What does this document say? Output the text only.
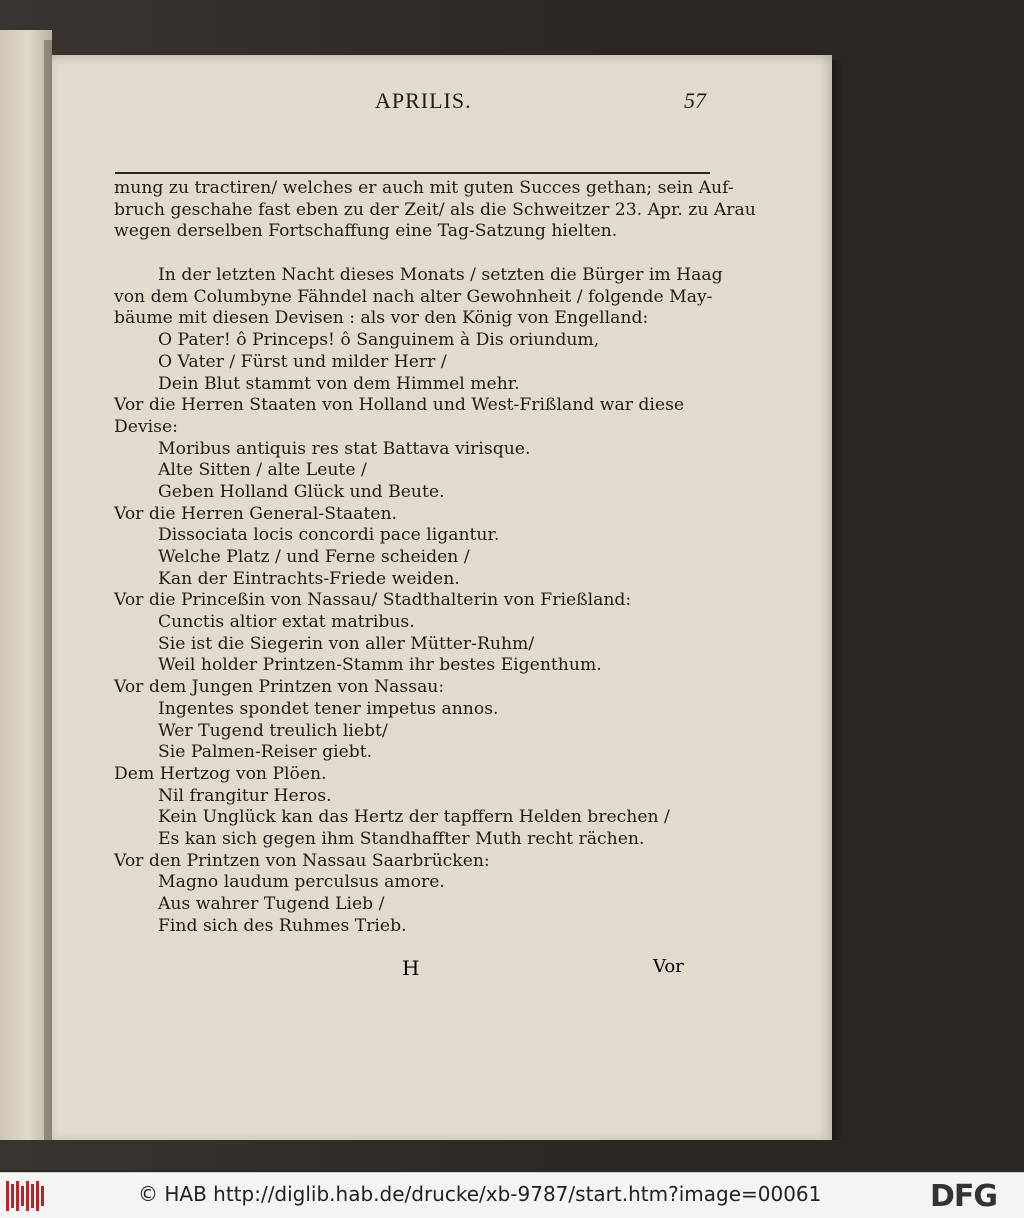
APRILIS.	57
mung zu tractiren/ welches er auch mit guten Succes gethan; sein Auf-
bruch geschahe fast eben zu der Zeit/ als die Schweitzer 23. Apr. zu Arau
wegen derselben Fortschaffung eine Tag-Satzung hielten.
In der letzten Nacht dieses Monats / setzten die Bürger im Haag
von dem Columbyne Fähndel nach alter Gewohnheit / folgende May-
bäume mit diesen Devisen : als vor den König von Engelland:
O Pater! ô Princeps! ô Sanguinem à Dis oriundum,
O Vater / Fürst und milder Herr /
Dein Blut stammt von dem Himmel mehr.
Vor die Herren Staaten von Holland und West-Frißland war diese
Devise:
Moribus antiquis res stat Battava virisque.
Alte Sitten / alte Leute /
Geben Holland Glück und Beute.
Vor die Herren General-Staaten.
Dissociata locis concordi pace ligantur.
Welche Platz / und Ferne scheiden /
Kan der Eintrachts-Friede weiden.
Vor die Princeßin von Nassau/ Stadthalterin von Frießland:
Cunctis altior extat matribus.
Sie ist die Siegerin von aller Mütter-Ruhm/
Weil holder Printzen-Stamm ihr bestes Eigenthum.
Vor dem Jungen Printzen von Nassau:
Ingentes spondet tener impetus annos.
Wer Tugend treulich liebt/
Sie Palmen-Reiser giebt.
Dem Hertzog von Plöen.
Nil frangitur Heros.
Kein Unglück kan das Hertz der tapffern Helden brechen /
Es kan sich gegen ihm Standhaffter Muth recht rächen.
Vor den Printzen von Nassau Saarbrücken:
Magno laudum perculsus amore.
Aus wahrer Tugend Lieb /
Find sich des Ruhmes Trieb.
H	Vor
© HAB http://diglib.hab.de/drucke/xb-9787/start.htm?image=00061	DFG
